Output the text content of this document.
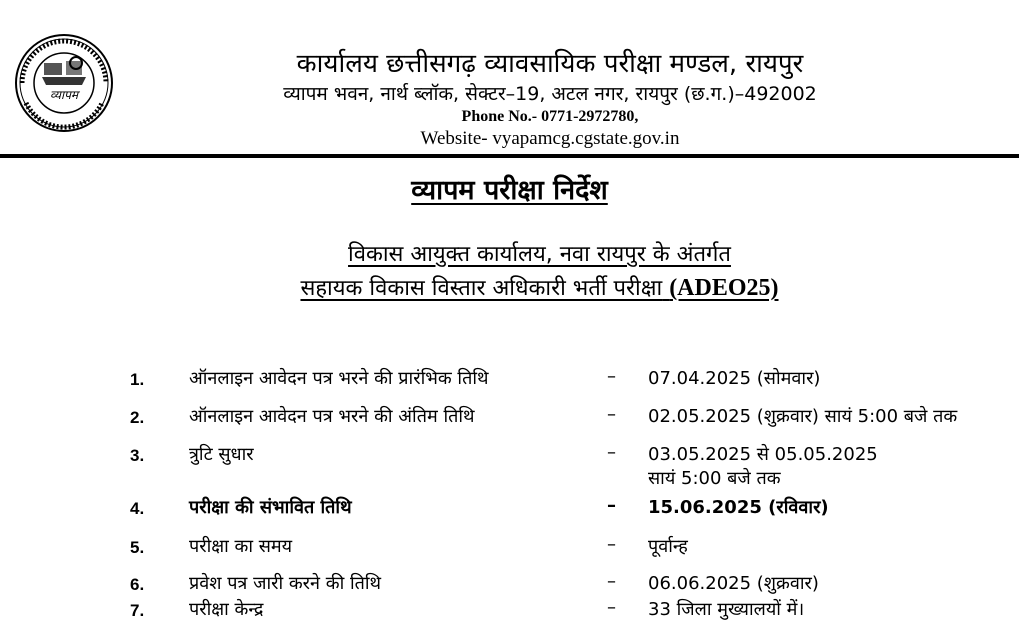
व्यापम
कार्यालय छत्तीसगढ़ व्यावसायिक परीक्षा मण्डल, रायपुर
व्यापम भवन, नार्थ ब्लॉक, सेक्टर–19, अटल नगर, रायपुर (छ.ग.)–492002
Phone No.- 0771-2972780,
Website- vyapamcg.cgstate.gov.in
व्यापम परीक्षा निर्देश
विकास आयुक्त कार्यालय, नवा रायपुर के अंतर्गत
सहायक विकास विस्तार अधिकारी भर्ती परीक्षा (ADEO25)
1. ऑनलाइन आवेदन पत्र भरने की प्रारंभिक तिथि	– 07.04.2025 (सोमवार)
2. ऑनलाइन आवेदन पत्र भरने की अंतिम तिथि	– 02.05.2025 (शुक्रवार) सायं 5:00 बजे तक
3. त्रुटि सुधार	– 03.05.2025 से 05.05.2025
सायं 5:00 बजे तक
4. परीक्षा की संभावित तिथि	– 15.06.2025 (रविवार)
5. परीक्षा का समय	– पूर्वान्ह
6. प्रवेश पत्र जारी करने की तिथि	– 06.06.2025 (शुक्रवार)
7. परीक्षा केन्द्र	– 33 जिला मुख्यालयों में।
